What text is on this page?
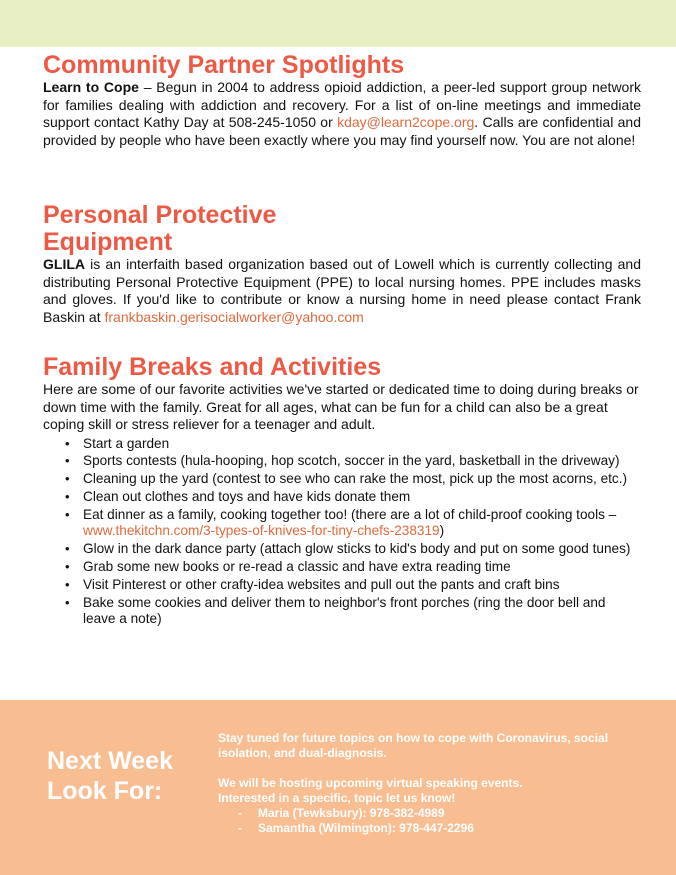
Community Partner Spotlights

Learn to Cope – Begun in 2004 to address opioid addiction, a peer-led support group network for families dealing with addiction and recovery. For a list of on-line meetings and immediate support contact Kathy Day at 508-245-1050 or kday@learn2cope.org. Calls are confidential and provided by people who have been exactly where you may find yourself now. You are not alone!

Personal Protective
Equipment

GLILA is an interfaith based organization based out of Lowell which is currently collecting and distributing Personal Protective Equipment (PPE) to local nursing homes. PPE includes masks and gloves. If you'd like to contribute or know a nursing home in need please contact Frank Baskin at frankbaskin.gerisocialworker@yahoo.com

Family Breaks and Activities

Here are some of our favorite activities we've started or dedicated time to doing during breaks or down time with the family. Great for all ages, what can be fun for a child can also be a great coping skill or stress reliever for a teenager and adult.

• Start a garden
• Sports contests (hula-hooping, hop scotch, soccer in the yard, basketball in the driveway)
• Cleaning up the yard (contest to see who can rake the most, pick up the most acorns, etc.)
• Clean out clothes and toys and have kids donate them
• Eat dinner as a family, cooking together too! (there are a lot of child-proof cooking tools – www.thekitchn.com/3-types-of-knives-for-tiny-chefs-238319)
• Glow in the dark dance party (attach glow sticks to kid's body and put on some good tunes)
• Grab some new books or re-read a classic and have extra reading time
• Visit Pinterest or other crafty-idea websites and pull out the pants and craft bins
• Bake some cookies and deliver them to neighbor's front porches (ring the door bell and leave a note)
Next Week
Look For:

Stay tuned for future topics on how to cope with Coronavirus, social isolation, and dual-diagnosis.

We will be hosting upcoming virtual speaking events.

Interested in a specific, topic let us know!

- Maria (Tewksbury): 978-382-4989
- Samantha (Wilmington): 978-447-2296
